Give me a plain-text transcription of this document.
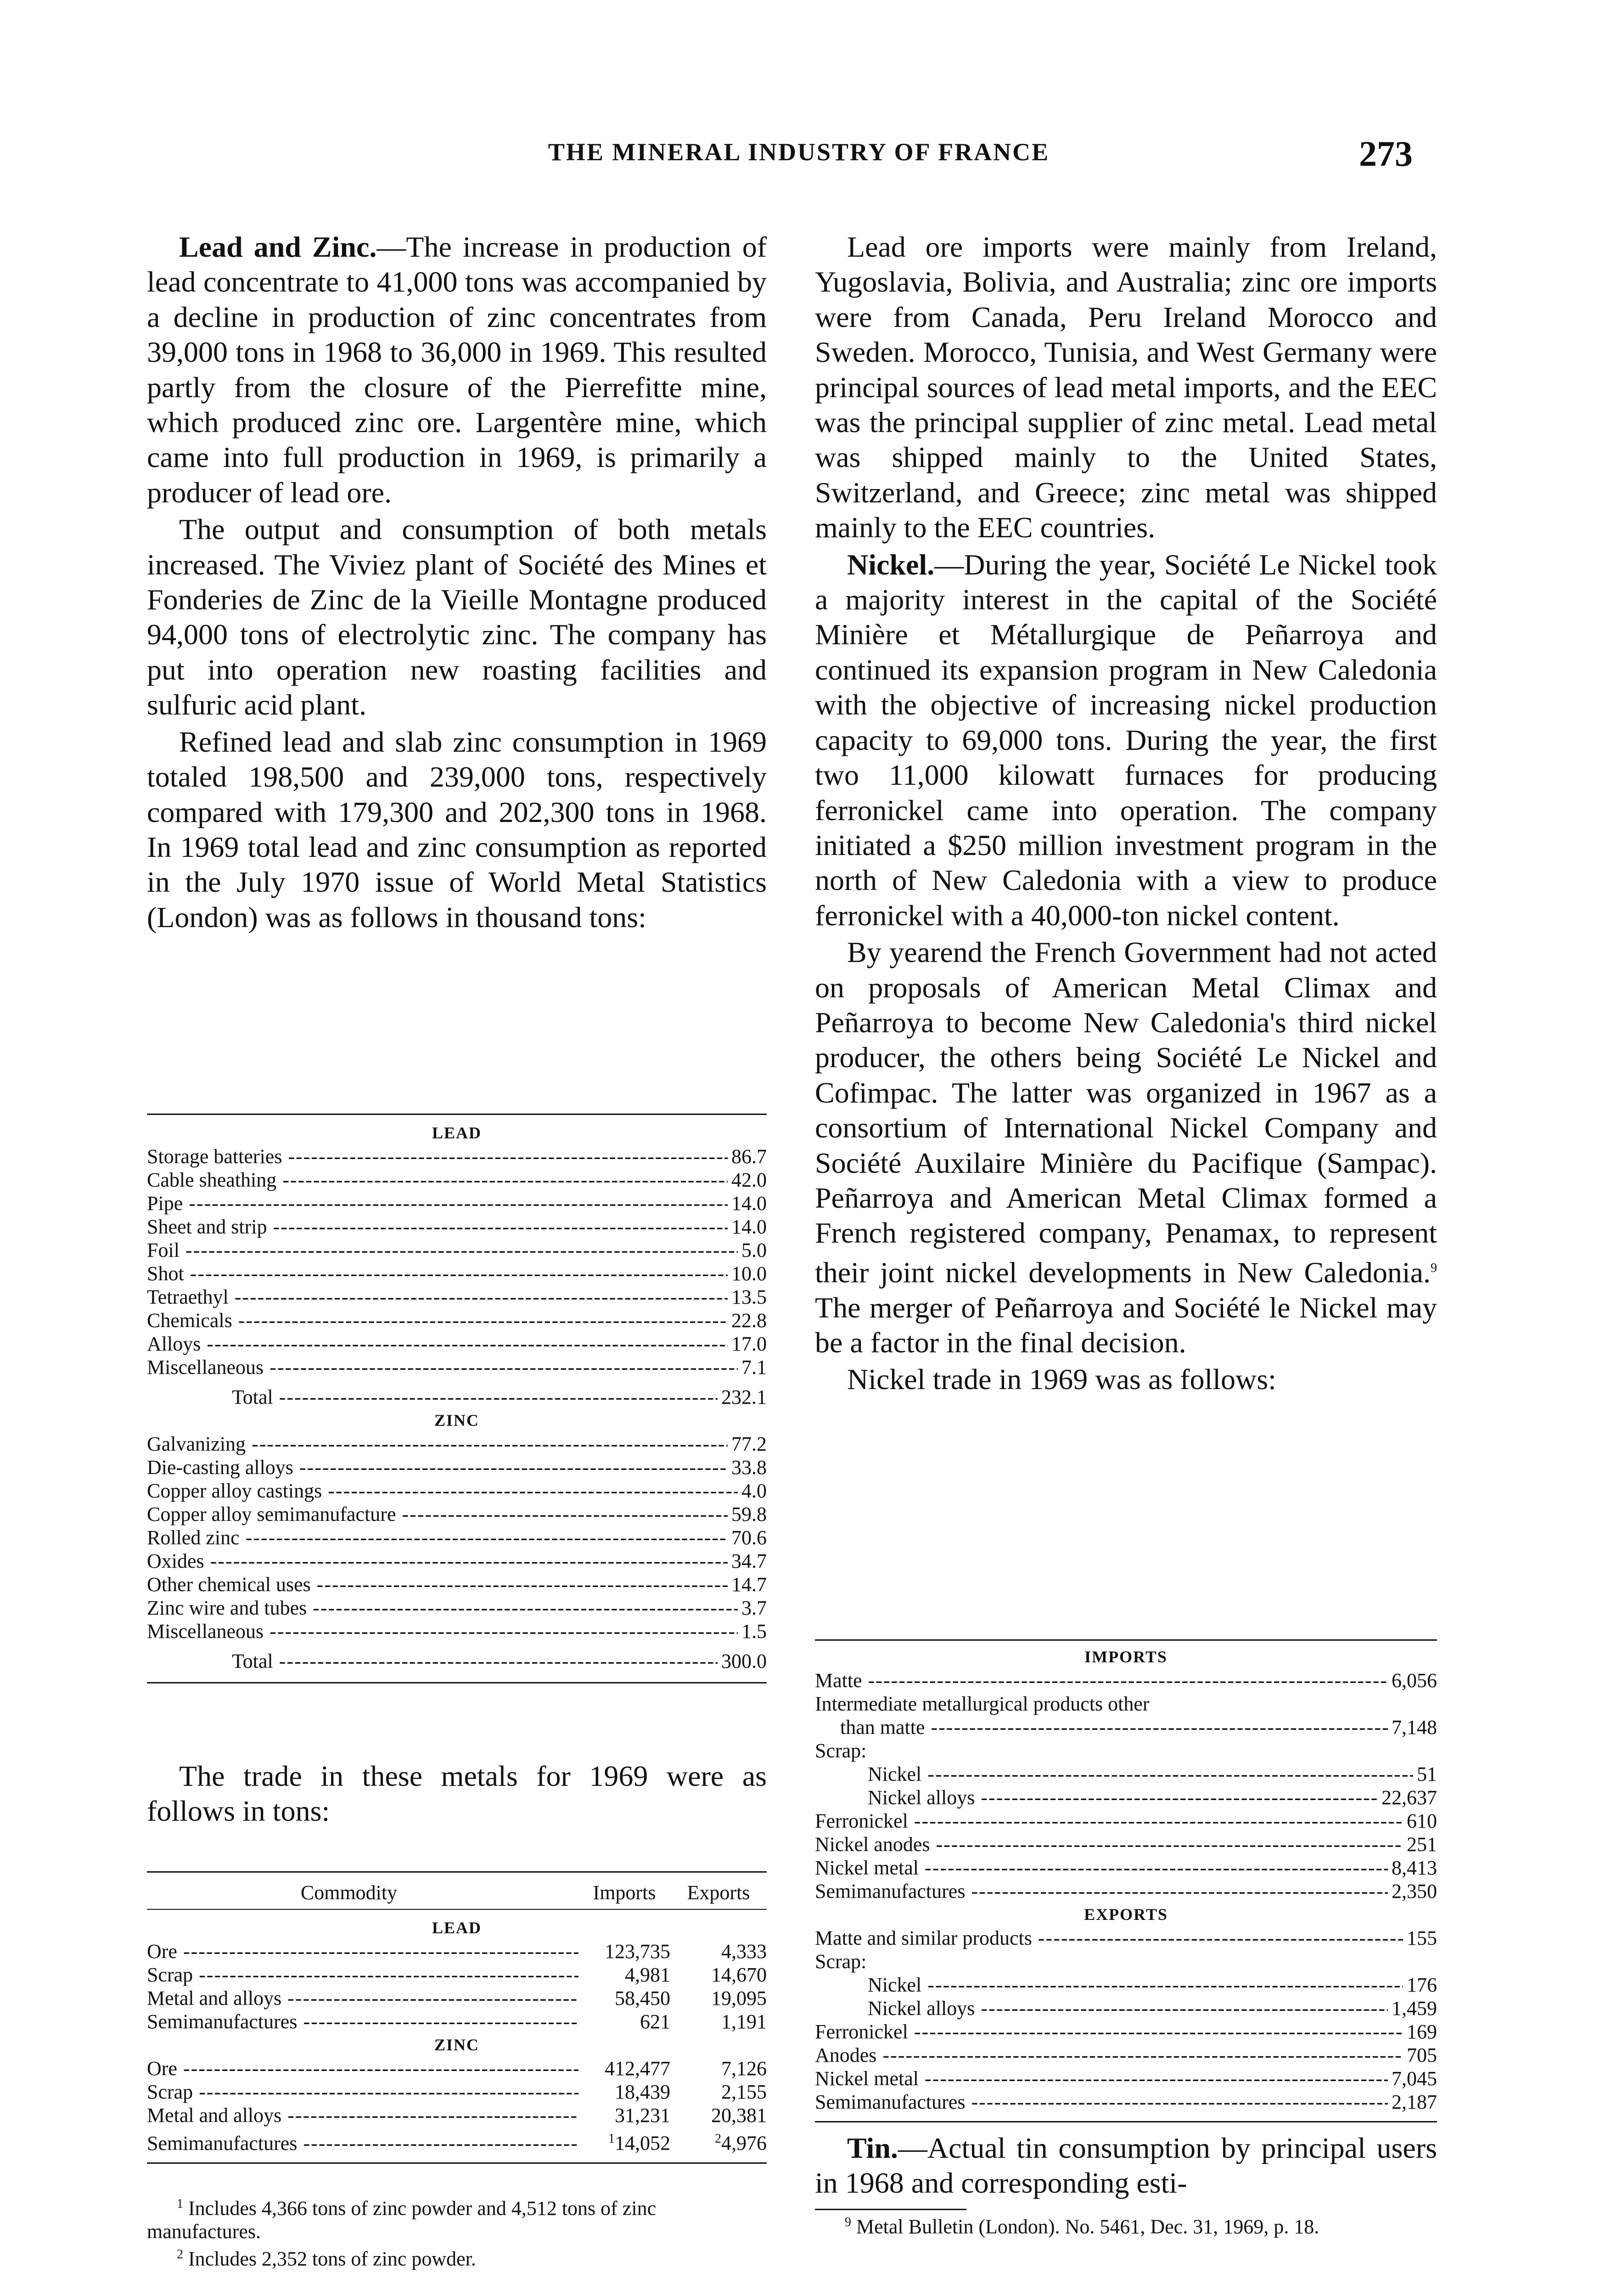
THE MINERAL INDUSTRY OF FRANCE	273

Lead and Zinc.—The increase in production of lead concentrate to 41,000 tons was accompanied by a decline in production of zinc concentrates from 39,000 tons in 1968 to 36,000 in 1969. This resulted partly from the closure of the Pierrefitte mine, which produced zinc ore. Largentère mine, which came into full production in 1969, is primarily a producer of lead ore.

The output and consumption of both metals increased. The Viviez plant of Société des Mines et Fonderies de Zinc de la Vieille Montagne produced 94,000 tons of electrolytic zinc. The company has put into operation new roasting facilities and sulfuric acid plant.

Refined lead and slab zinc consumption in 1969 totaled 198,500 and 239,000 tons, respectively compared with 179,300 and 202,300 tons in 1968. In 1969 total lead and zinc consumption as reported in the July 1970 issue of World Metal Statistics (London) was as follows in thousand tons:

LEAD
Storage batteries -----	86.7
Cable sheathing -----	42.0
Pipe -----	14.0
Sheet and strip -----	14.0
Foil -----	5.0
Shot -----	10.0
Tetraethyl -----	13.5
Chemicals -----	22.8
Alloys -----	17.0
Miscellaneous -----	7.1
Total -----	232.1
ZINC
Galvanizing -----	77.2
Die-casting alloys -----	33.8
Copper alloy castings -----	4.0
Copper alloy semimanufacture -----	59.8
Rolled zinc -----	70.6
Oxides -----	34.7
Other chemical uses -----	14.7
Zinc wire and tubes -----	3.7
Miscellaneous -----	1.5
Total -----	300.0

The trade in these metals for 1969 were as follows in tons:

Commodity	Imports	Exports
LEAD
Ore -----	123,735	4,333
Scrap -----	4,981	14,670
Metal and alloys -----	58,450	19,095
Semimanufactures -----	621	1,191
ZINC
Ore -----	412,477	7,126
Scrap -----	18,439	2,155
Metal and alloys -----	31,231	20,381
Semimanufactures -----	$^1$14,052	$^2$4,976
$^1$ Includes 4,366 tons of zinc powder and 4,512 tons of zinc manufactures.
$^2$ Includes 2,352 tons of zinc powder.

Lead ore imports were mainly from Ireland, Yugoslavia, Bolivia, and Australia; zinc ore imports were from Canada, Peru Ireland Morocco and Sweden. Morocco, Tunisia, and West Germany were principal sources of lead metal imports, and the EEC was the principal supplier of zinc metal. Lead metal was shipped mainly to the United States, Switzerland, and Greece; zinc metal was shipped mainly to the EEC countries.

Nickel.—During the year, Société Le Nickel took a majority interest in the capital of the Société Minière et Métallurgique de Peñarroya and continued its expansion program in New Caledonia with the objective of increasing nickel production capacity to 69,000 tons. During the year, the first two 11,000 kilowatt furnaces for producing ferronickel came into operation. The company initiated a $250 million investment program in the north of New Caledonia with a view to produce ferronickel with a 40,000-ton nickel content.

By yearend the French Government had not acted on proposals of American Metal Climax and Peñarroya to become New Caledonia's third nickel producer, the others being Société Le Nickel and Cofimpac. The latter was organized in 1967 as a consortium of International Nickel Company and Société Auxilaire Minière du Pacifique (Sampac). Peñarroya and American Metal Climax formed a French registered company, Penamax, to represent their joint nickel developments in New Caledonia.$^9$ The merger of Peñarroya and Société le Nickel may be a factor in the final decision.

Nickel trade in 1969 was as follows:

IMPORTS
Matte -----	6,056
Intermediate metallurgical products other
than matte -----	7,148
Scrap:
Nickel -----	51
Nickel alloys -----	22,637
Ferronickel -----	610
Nickel anodes -----	251
Nickel metal -----	8,413
Semimanufactures -----	2,350
EXPORTS
Matte and similar products -----	155
Scrap:
Nickel -----	176
Nickel alloys -----	1,459
Ferronickel -----	169
Anodes -----	705
Nickel metal -----	7,045
Semimanufactures -----	2,187

Tin.—Actual tin consumption by principal users in 1968 and corresponding esti-

$^9$ Metal Bulletin (London). No. 5461, Dec. 31, 1969, p. 18.
